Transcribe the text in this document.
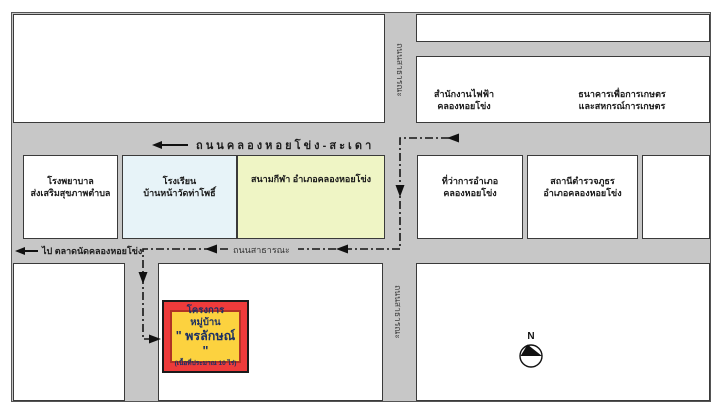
สำนักงานไฟฟ้า
คลองหอยโข่ง
ธนาคารเพื่อการเกษตร
และสหกรณ์การเกษตร
โรงพยาบาล
ส่งเสริมสุขภาพตำบล
โรงเรียน
บ้านหน้าวัดท่าโพธิ์
สนามกีฬา อำเภอคลองหอยโข่ง	ที่ว่าการอำเภอ
คลองหอยโข่ง
สถานีตำรวจภูธร
อำเภอคลองหอยโข่ง
ถ น น ค ล อ ง ห อ ย โ ข่ ง - ส ะ เ ด า
ไป ตลาดนัดคลองหอยโข่ง	ถนนสาธารณะ
ถนนสาธารณะ
ถนนสาธารณะ
โครงการหมู่บ้าน
" พรลักษณ์ "
(เนื้อที่ประมาณ 10 ไร่)
N
